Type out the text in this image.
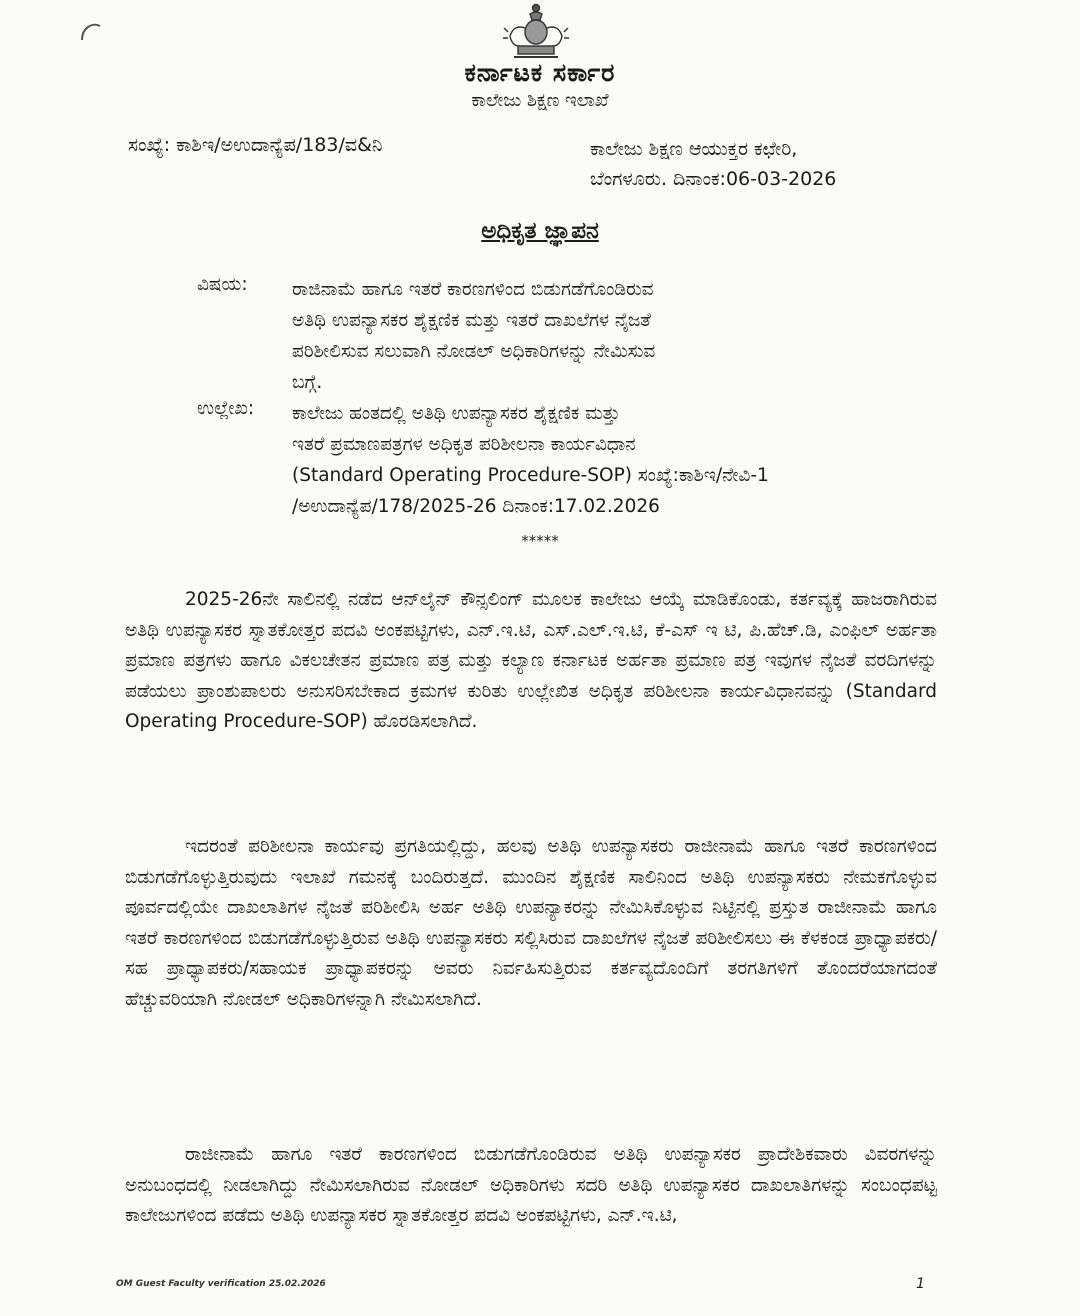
ಕರ್ನಾಟಕ ಸರ್ಕಾರ
ಕಾಲೇಜು ಶಿಕ್ಷಣ ಇಲಾಖೆ
ಸಂಖ್ಯೆ: ಕಾಶಿಇ/ಅಉದಾನ್ಯೆಪ/183/ವ&ನಿ	ಕಾಲೇಜು ಶಿಕ್ಷಣ ಆಯುಕ್ತರ ಕಛೇರಿ,
ಬೆಂಗಳೂರು. ದಿನಾಂಕ:06-03-2026
ಅಧಿಕೃತ ಜ್ಞಾಪನ
ವಿಷಯ: ರಾಜಿನಾಮೆ ಹಾಗೂ ಇತರೆ ಕಾರಣಗಳಿಂದ ಬಿಡುಗಡೆಗೊಂಡಿರುವ
ಅತಿಥಿ ಉಪನ್ಯಾಸಕರ ಶೈಕ್ಷಣಿಕ ಮತ್ತು ಇತರೆ ದಾಖಲೆಗಳ ನೈಜತೆ
ಪರಿಶೀಲಿಸುವ ಸಲುವಾಗಿ ನೋಡಲ್ ಅಧಿಕಾರಿಗಳನ್ನು ನೇಮಿಸುವ
ಬಗ್ಗೆ.
ಉಲ್ಲೇಖ: ಕಾಲೇಜು ಹಂತದಲ್ಲಿ ಅತಿಥಿ ಉಪನ್ಯಾಸಕರ ಶೈಕ್ಷಣಿಕ ಮತ್ತು
ಇತರೆ ಪ್ರಮಾಣಪತ್ರಗಳ ಅಧಿಕೃತ ಪರಿಶೀಲನಾ ಕಾರ್ಯವಿಧಾನ
(Standard Operating Procedure-SOP) ಸಂಖ್ಯೆ:ಕಾಶಿಇ/ನೇವಿ-1
/ಅಉದಾನ್ಯೆಪ/178/2025-26 ದಿನಾಂಕ:17.02.2026
*****

2025-26ನೇ ಸಾಲಿನಲ್ಲಿ ನಡೆದ ಆನ್‌ಲೈನ್ ಕೌನ್ಸಲಿಂಗ್ ಮೂಲಕ ಕಾಲೇಜು ಆಯ್ಕೆ ಮಾಡಿಕೊಂಡು, ಕರ್ತವ್ಯಕ್ಕೆ ಹಾಜರಾಗಿರುವ ಅತಿಥಿ ಉಪನ್ಯಾಸಕರ ಸ್ನಾತಕೋತ್ತರ ಪದವಿ ಅಂಕಪಟ್ಟಿಗಳು, ಎನ್.ಇ.ಟಿ, ಎಸ್.ಎಲ್.ಇ.ಟಿ, ಕೆ-ಎಸ್ ಇ ಟಿ, ಪಿ.ಹೆಚ್.ಡಿ, ಎಂಫಿಲ್ ಅರ್ಹತಾ ಪ್ರಮಾಣ ಪತ್ರಗಳು ಹಾಗೂ ವಿಕಲಚೇತನ ಪ್ರಮಾಣ ಪತ್ರ ಮತ್ತು ಕಲ್ಯಾಣ ಕರ್ನಾಟಕ ಅರ್ಹತಾ ಪ್ರಮಾಣ ಪತ್ರ ಇವುಗಳ ನೈಜತೆ ವರದಿಗಳನ್ನು ಪಡೆಯಲು ಪ್ರಾಂಶುಪಾಲರು ಅನುಸರಿಸಬೇಕಾದ ಕ್ರಮಗಳ ಕುರಿತು ಉಲ್ಲೇಖಿತ ಅಧಿಕೃತ ಪರಿಶೀಲನಾ ಕಾರ್ಯವಿಧಾನವನ್ನು (Standard Operating Procedure-SOP) ಹೊರಡಿಸಲಾಗಿದೆ.

ಇದರಂತೆ ಪರಿಶೀಲನಾ ಕಾರ್ಯವು ಪ್ರಗತಿಯಲ್ಲಿದ್ದು, ಹಲವು ಅತಿಥಿ ಉಪನ್ಯಾಸಕರು ರಾಜೀನಾಮೆ ಹಾಗೂ ಇತರೆ ಕಾರಣಗಳಿಂದ ಬಿಡುಗಡೆಗೊಳ್ಳುತ್ತಿರುವುದು ಇಲಾಖೆ ಗಮನಕ್ಕೆ ಬಂದಿರುತ್ತದೆ. ಮುಂದಿನ ಶೈಕ್ಷಣಿಕ ಸಾಲಿನಿಂದ ಅತಿಥಿ ಉಪನ್ಯಾಸಕರು ನೇಮಕಗೊಳ್ಳುವ ಪೂರ್ವದಲ್ಲಿಯೇ ದಾಖಲಾತಿಗಳ ನೈಜತೆ ಪರಿಶೀಲಿಸಿ ಅರ್ಹ ಅತಿಥಿ ಉಪನ್ಯಾಕರನ್ನು ನೇಮಿಸಿಕೊಳ್ಳುವ ನಿಟ್ಟಿನಲ್ಲಿ ಪ್ರಸ್ತುತ ರಾಜೀನಾಮೆ ಹಾಗೂ ಇತರೆ ಕಾರಣಗಳಿಂದ ಬಿಡುಗಡೆಗೊಳ್ಳುತ್ತಿರುವ ಅತಿಥಿ ಉಪನ್ಯಾಸಕರು ಸಲ್ಲಿಸಿರುವ ದಾಖಲೆಗಳ ನೈಜತೆ ಪರಿಶೀಲಿಸಲು ಈ ಕೆಳಕಂಡ ಪ್ರಾಧ್ಯಾಪಕರು/ಸಹ ಪ್ರಾಧ್ಯಾಪಕರು/ಸಹಾಯಕ ಪ್ರಾಧ್ಯಾಪಕರನ್ನು ಅವರು ನಿರ್ವಹಿಸುತ್ತಿರುವ ಕರ್ತವ್ಯದೊಂದಿಗೆ ತರಗತಿಗಳಿಗೆ ತೊಂದರೆಯಾಗದಂತೆ ಹೆಚ್ಚುವರಿಯಾಗಿ ನೋಡಲ್ ಅಧಿಕಾರಿಗಳನ್ನಾಗಿ ನೇಮಿಸಲಾಗಿದೆ.

ರಾಜೀನಾಮೆ ಹಾಗೂ ಇತರೆ ಕಾರಣಗಳಿಂದ ಬಿಡುಗಡೆಗೊಂಡಿರುವ ಅತಿಥಿ ಉಪನ್ಯಾಸಕರ ಪ್ರಾದೇಶಿಕವಾರು ವಿವರಗಳನ್ನು ಅನುಬಂಧದಲ್ಲಿ ನೀಡಲಾಗಿದ್ದು ನೇಮಿಸಲಾಗಿರುವ ನೋಡಲ್ ಅಧಿಕಾರಿಗಳು ಸದರಿ ಅತಿಥಿ ಉಪನ್ಯಾಸಕರ ದಾಖಲಾತಿಗಳನ್ನು ಸಂಬಂಧಪಟ್ಟ ಕಾಲೇಜುಗಳಿಂದ ಪಡೆದು ಅತಿಥಿ ಉಪನ್ಯಾಸಕರ ಸ್ನಾತಕೋತ್ತರ ಪದವಿ ಅಂಕಪಟ್ಟಿಗಳು, ಎನ್.ಇ.ಟಿ,

OM Guest Faculty verification 25.02.2026	1
